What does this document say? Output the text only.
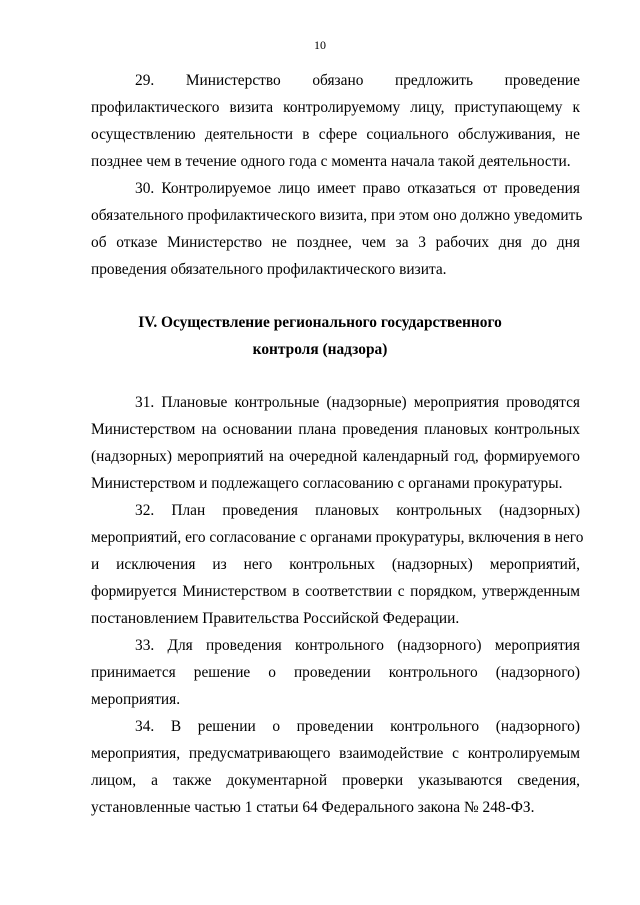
10
29.    Министерство    обязано    предложить    проведение
профилактического визита контролируемому лицу, приступающему к
осуществлению деятельности в сфере социального обслуживания, не
позднее чем в течение одного года с момента начала такой деятельности.
30. Контролируемое лицо имеет право отказаться от проведения
обязательного профилактического визита, при этом оно должно уведомить
об отказе Министерство не позднее, чем за 3 рабочих дня до дня
проведения обязательного профилактического визита.
IV. Осуществление регионального государственного
контроля (надзора)
31. Плановые контрольные (надзорные) мероприятия проводятся
Министерством на основании плана проведения плановых контрольных
(надзорных) мероприятий на очередной календарный год, формируемого
Министерством и подлежащего согласованию с органами прокуратуры.
32. План проведения плановых контрольных (надзорных)
мероприятий, его согласование с органами прокуратуры, включения в него
и исключения из него контрольных (надзорных) мероприятий,
формируется Министерством в соответствии с порядком, утвержденным
постановлением Правительства Российской Федерации.
33. Для проведения контрольного (надзорного) мероприятия
принимается решение о проведении контрольного (надзорного)
мероприятия.
34. В решении о проведении контрольного (надзорного)
мероприятия, предусматривающего взаимодействие с контролируемым
лицом, а также документарной проверки указываются сведения,
установленные частью 1 статьи 64 Федерального закона № 248-ФЗ.
